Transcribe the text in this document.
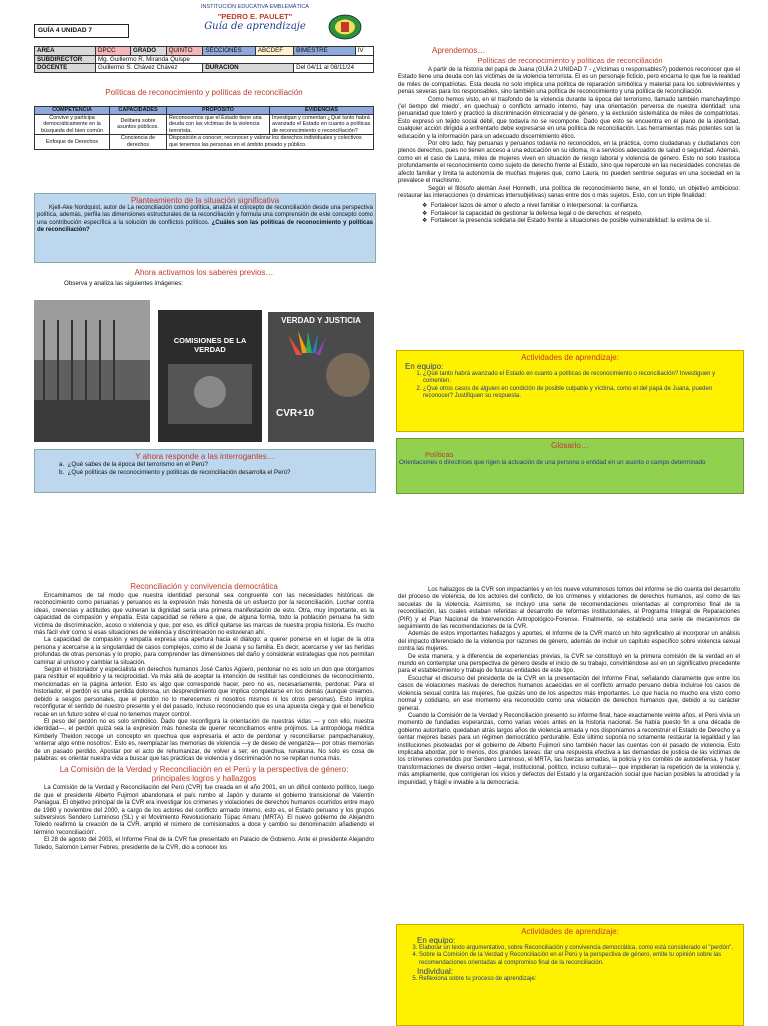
INSTITUCIÓN EDUCATIVA EMBLEMÁTICA
"PEDRO E. PAULET"
Guía de aprendizaje
GUÍA 4 UNIDAD 7
AREA	DPCC	GRADO	QUINTO	SECCIONES	ABCDEF	BIMESTRE	IV
SUBDIRECTOR	Mg. Guillermo R. Miranda Quispe						
DOCENTE	Guillermo S. Chávez Chávez			DURACION		Del 04/11 al 08/11/24	
Políticas de reconocimiento y políticas de reconciliación
COMPETENCIA	CAPACIDADES	PROPÓSITO	EVIDENCIAS
Convive y participa democráticamente en la búsqueda del bien común	Delibera sobre asuntos públicos.	Reconocemos que el Estado tiene una deuda con las víctimas de la violencia terrorista.	Investigan y comentan ¿Qué tanto habrá avanzado el Estado en cuanto a políticas de reconocimiento o reconciliación?
Enfoque de Derechos	Conciencia de derechos	Disposición a conocer, reconocer y valorar los derechos individuales y colectivos que tenemos las personas en el ámbito privado y público.	
Planteamiento de la situación significativa

Kjell-Ake Nordquist, autor de La reconciliación como política, analiza el concepto de reconciliación desde una perspectiva política, además, perfila las dimensiones estructurales de la reconciliación y formula una comprensión de este concepto como una contribución específica a la solución de conflictos políticos. ¿Cuáles son las políticas de reconocimiento y políticas de reconciliación?

Ahora activamos los saberes previos…
Observa y analiza las siguientes imágenes:
COMISIONES DE LA VERDAD
VERDAD Y JUSTICIA
CVR+10
Y ahora responde a las interrogantes…
a.  ¿Qué sabes de la época del terrorismo en el Perú?
b.  ¿Qué políticas de reconocimiento y políticas de reconciliación desarrolla el Perú?
Aprendemos…
Políticas de reconocimiento y políticas de reconciliación

A partir de la historia del papá de Juana (GUÍA 2 UNIDAD 7 - ¿Víctimas o responsables?) podemos reconocer que el Estado tiene una deuda con las víctimas de la violencia terrorista. El es un personaje ficticio, pero encarna lo que fue la realidad de miles de compatriotas. Esta deuda no solo implica una política de reparación simbólica y material para los sobrevivientes y penas severas para los responsables, sino también una política de reconocimiento y una política de reconciliación.

Como hemos visto, en el trasfondo de la violencia durante la época del terrorismo, llamado también manchaytimpo ('el tiempo del miedo', en quechua) o conflicto armado interno, hay una orientación perversa de nuestra identidad: una peruanidad que toleró y practicó la discriminación étnicoracial y de género, y la exclusión sistemática de miles de compatriotas. Esto expresó un tejido social débil, que todavía no se recompone. Dado que esto se encuentra en el plano de la identidad, cualquier acción dirigida a enfrentarlo debe expresarse en una política de reconciliación. Las herramientas más potentes son la educación y la información para un adecuado discernimiento ético.

Por otro lado, hay peruanas y peruanos todavía no reconocidos, en la práctica, como ciudadanas y ciudadanos con plenos derechos, pues no tienen acceso a una educación en su idioma, ni a servicios adecuados de salud o seguridad. Además, como en el caso de Laura, miles de mujeres viven en situación de riesgo laboral y violencia de género. Esto no solo trastoca profundamente el reconocimiento como sujeto de derecho frente al Estado, sino que repercute en las necesidades concretas de afecto familiar y limita la autonomía de muchas mujeres que, como Laura, no pueden sentirse seguras en una sociedad en la prevalece el machismo.

Según el filósofo alemán Axel Honneth, una política de reconocimiento tiene, en el fondo, un objetivo ambicioso: restaurar las interacciones (o dinámicas intersubjetivas) sanas entre dos o más sujetos. Esto, con un triple finalidad:

❖  Fortalecer lazos de amor o afecto a nivel familiar o interpersonal: la confianza.
❖  Fortalecer la capacidad de gestionar la defensa legal o de derechos: el respeto.
❖  Fortalecer la presencia solidaria del Estado frente a situaciones de posible vulnerabilidad: la estima de sí.
Actividades de aprendizaje:
En equipo:
1. ¿Qué tanto habrá avanzado el Estado en cuanto a políticas de reconocimiento o reconciliación? Investiguen y comenten.
2. ¿Qué otros casos de alguien en condición de posible culpable y víctima, como el del papá de Juana, pueden reconocer? Justifiquen su respuesta.
Glosario…
Políticas
Orientaciones o directrices que rigen la actuación de una persona o entidad en un asunto o campo determinado
Reconciliación y convivencia democrática

Encaminamos de tal modo que nuestra identidad personal sea congruente con las necesidades históricas de reconocimiento como peruanas y peruanos es la expresión más honesta de un esfuerzo por la reconciliación. Luchar contra ideas, creencias y actitudes que vulneran la dignidad sería una primera manifestación de esto. Otra, muy importante, es la capacidad de compasión y empatía. Esta capacidad se refiere a que, de alguna forma, todo la población peruana ha sido víctima de discriminación, acoso o violencia y que, por eso, es difícil quitarse las marcas de nuestra propia historia. Es mucho más fácil vivir como si esas situaciones de violencia y discriminación no estuvieran ahí.

La capacidad de compasión y empatía expresa una apertura hacia el diálogo: a querer ponerse en el lugar de la otra persona y acercarse a la singularidad de casos complejos, como el de Juana y su familia. Es decir, acercarse y ver las heridas profundas de otras personas y lo propio, para comprender las dimensiones del daño y considerar estrategias que nos permitan caminar al unísono y cambiar la situación.

Según el historiador y especialista en derechos humanos José Carlos Agüero, perdonar no es solo un don que otorgamos para restituir el equilibrio y la reciprocidad. Va más allá de aceptar la intención de restituir las condiciones de reconocimiento, mencionadas en la página anterior. Esto es algo que corresponde hacer, pero no es, necesariamente, perdonar. Para el historiador, el perdón es una perdida dolorosa, un desprendimiento que implica completarse en los demás (aunque creamos, debido a sesgos personales, que el perdón no lo merecemos ni nosotros mismos ni los otros personas). Esto implica reconfigurar el sentido de nuestro presente y el del pasado, incluso reconociendo que es una apuesta ciega y que el beneficio recae en un futuro sobre el cual no tenemos mayor control.

El peso del perdón no es solo simbólico. Dado que reconfigura la orientación de nuestras vidas — y con ello, nuestra identidad—, el perdón quizá sea la expresión más honesta de querer reconciliarnos entre prójimos. La antropóloga médica Kimberly Theidon recoge un concepto en quechua que expresaría el acto de perdonar y reconciliarse: pampachanakuy, 'enterrar algo entre nosotros'. Esto es, reemplazar las memorias de violencia —y de deseo de venganza— por otras memorias de un pasado perdido. Apostar por el acto de rehumanizar, de volver a ser; en quechua, runakuna. No solo es cosa de palabras: es orientar nuestra vida a buscar que las prácticas de violencia y discriminación no se repitan nunca más.

La Comisión de la Verdad y Reconciliación en el Perú y la perspectiva de género: principales logros y hallazgos

La Comisión de la Verdad y Reconciliación del Perú (CVR) fue creada en el año 2001, en un difícil contexto político, luego de que el presidente Alberto Fujimori abandonara el país rumbo al Japón y durante el gobierno transicional de Valentín Paniagua. El objetivo principal de la CVR era investigar los crímenes y violaciones de derechos humanos ocurridos entre mayo de 1980 y noviembre del 2000, a cargo de los actores del conflicto armado interno, esto es, el Estado peruano y los grupos subversivos Sendero Luminoso (SL) y el Movimiento Revolucionario Túpac Amaru (MRTA). El nuevo gobierno de Alejandro Toledo reafirmó la creación de la CVR, amplió el número de comisionados a doce y cambió su denominación añadiendo el término 'reconciliación'.

El 28 de agosto del 2003, el Informe Final de la CVR fue presentado en Palacio de Gobierno. Ante el presidente Alejandro Toledo, Salomón Lerner Febres, presidente de la CVR, dio a conocer los

Los hallazgos de la CVR son impactantes y en los nueve voluminosos tomos del informe se dio cuenta del desarrollo del proceso de violencia, de los actores del conflicto, de los crímenes y violaciones de derechos humanos, así como de las secuelas de la violencia. Asimismo, se incluyó una serie de recomendaciones orientadas al compromiso final de la reconciliación, las cuales estaban referidas al desarrollo de reformas institucionales, al Programa Integral de Reparaciones (PIR) y el Plan Nacional de Intervención Antropológico-Forense. Finalmente, se estableció una serie de mecanismos de seguimiento de las recomendaciones de la CVR.

Además de estos importantes hallazgos y aportes, el Informe de la CVR marcó un hito significativo al incorporar un análisis del impacto diferenciado de la violencia por razones de género, además de incluir un capítulo específico sobre violencia sexual contra las mujeres.

De esta manera, y a diferencia de experiencias previas, la CVR se constituyó en la primera comisión de la verdad en el mundo en contemplar una perspectiva de género desde el inicio de su trabajo, convirtiéndose así en un significativo precedente para el establecimiento y trabajo de futuras entidades de este tipo.

Escuchar el discurso del presidente de la CVR en la presentación del Informe Final, señalando claramente que entre los casos de violaciones masivas de derechos humanos acaecidas en el conflicto armado peruano debía incluirse los casos de violencia sexual contra las mujeres, fue quizás uno de los aspectos más importantes. Lo que hacía no mucho era visto como normal y cotidiano, en ese momento era reconocido como una violación de derechos humanos que, debido a su carácter general.

Cuando la Comisión de la Verdad y Reconciliación presentó su informe final, hace exactamente veinte años, el Perú vivía un momento de fundadas esperanzas, como varias veces antes en la historia nacional. Se había puesto fin a una década de gobierno autoritario, quedaban atrás largos años de violencia armada y nos disponíamos a reconstruir el Estado de Derecho y a sentar mejores bases para un régimen democrático perdurable. Este último suponía no solamente restaurar la legalidad y las instituciones pisoteadas por el gobierno de Alberto Fujimori sino también hacer las cuentas con el pasado de violencia. Esto implicaba abordar, por lo menos, dos grandes tareas: dar una respuesta efectiva a las demandas de justicia de las víctimas de los crímenes cometidos por Sendero Luminoso, el MRTA, las fuerzas armadas, la policía y los comités de autodefensa, y hacer transformaciones de diverso orden –legal, institucional, político, incluso cultural— que impidieran la repetición de la violencia y, más ampliamente, que corrigieran los vicios y defectos del Estado y la organización social que hacían posibles la atrocidad y la impunidad, y frágil e inviable a la democracia.

Actividades de aprendizaje:
En equipo:
3. Elaborar un texto argumentativo, sobre Reconciliación y convivencia democrática, como está considerado el "perdón".
4. Sobre la Comisión de la Verdad y Reconciliación en el Perú y la perspectiva de género, emite tu opinión sobre las recomendaciones orientadas al compromiso final de la reconciliación.
Individual:
5. Reflexiona sobre tu proceso de aprendizaje:
